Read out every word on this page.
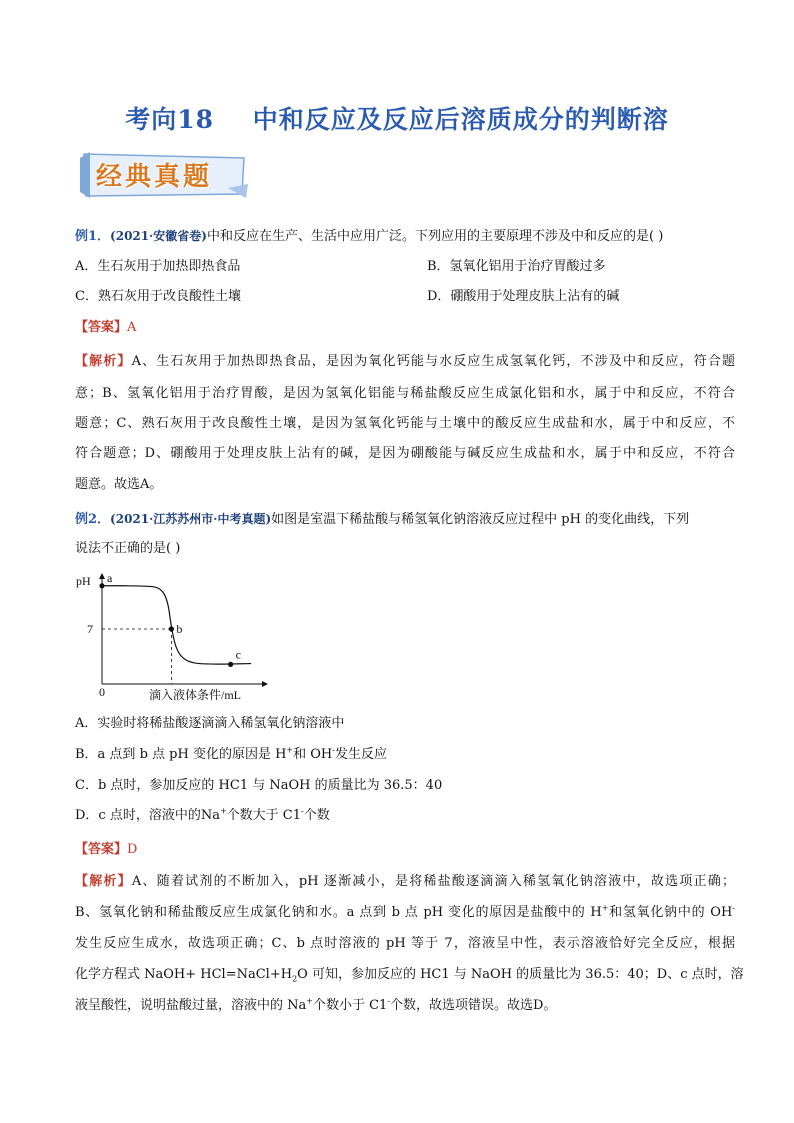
考向18    中和反应及反应后溶质成分的判断溶
经典真题
例1．(2021·安徽省卷)中和反应在生产、生活中应用广泛。下列应用的主要原理不涉及中和反应的是( )
A．生石灰用于加热即热食品	B．氢氧化铝用于治疗胃酸过多
C．熟石灰用于改良酸性土壤	D．硼酸用于处理皮肤上沾有的碱
【答案】A
【解析】A、生石灰用于加热即热食品，是因为氧化钙能与水反应生成氢氧化钙，不涉及中和反应，符合题
意；B、氢氧化铝用于治疗胃酸，是因为氢氧化铝能与稀盐酸反应生成氯化铝和水，属于中和反应，不符合
题意；C、熟石灰用于改良酸性土壤，是因为氢氧化钙能与土壤中的酸反应生成盐和水，属于中和反应，不
符合题意；D、硼酸用于处理皮肤上沾有的碱，是因为硼酸能与碱反应生成盐和水，属于中和反应，不符合
题意。故选A。
例2．(2021·江苏苏州市·中考真题)如图是室温下稀盐酸与稀氢氧化钠溶液反应过程中 pH 的变化曲线，下列
说法不正确的是( )
pH
0	滴入液体条件/mL
7
a
b
c
A．实验时将稀盐酸逐滴滴入稀氢氧化钠溶液中
B．a 点到 b 点 pH 变化的原因是 H+和 OH-发生反应
C．b 点时，参加反应的 HC1 与 NaOH 的质量比为 36.5：40
D．c 点时，溶液中的Na+个数大于 C1-个数
【答案】D
【解析】A、随着试剂的不断加入，pH 逐渐减小，是将稀盐酸逐滴滴入稀氢氧化钠溶液中，故选项正确；
B、氢氧化钠和稀盐酸反应生成氯化钠和水。a 点到 b 点 pH 变化的原因是盐酸中的 H+和氢氧化钠中的 OH-
发生反应生成水，故选项正确；C、b 点时溶液的 pH 等于 7，溶液呈中性，表示溶液恰好完全反应，根据
化学方程式 NaOH+ $HCl=NaCl+H_2O$ 可知，参加反应的 HC1 与 NaOH 的质量比为 36.5：40；D、c 点时，溶
液呈酸性，说明盐酸过量，溶液中的 Na+个数小于 C1-个数，故选项错误。故选D。
